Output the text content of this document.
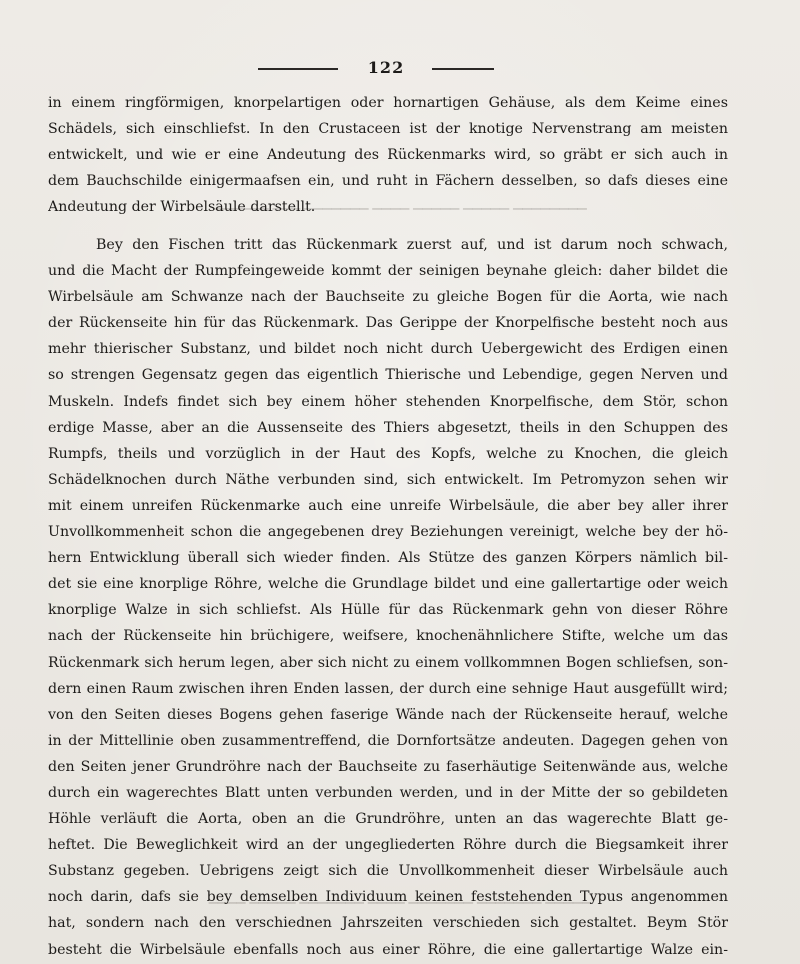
▁▁▁▁▁▁ ▁▁▁ ▁▁▁▁▁▁▁ ▁▁▁▁ ▁▁▁▁▁ ▁▁▁▁▁ ▁▁▁▁▁▁▁▁
122
in einem ringförmigen, knorpelartigen oder hornartigen Gehäuse, als dem Keime eines
Schädels, sich einschliefst. In den Crustaceen ist der knotige Nervenstrang am meisten
entwickelt, und wie er eine Andeutung des Rückenmarks wird, so gräbt er sich auch in
dem Bauchschilde einigermaafsen ein, und ruht in Fächern desselben, so dafs dieses eine
Andeutung der Wirbelsäule darstellt.
Bey den Fischen tritt das Rückenmark zuerst auf, und ist darum noch schwach,
und die Macht der Rumpfeingeweide kommt der seinigen beynahe gleich: daher bildet die
Wirbelsäule am Schwanze nach der Bauchseite zu gleiche Bogen für die Aorta, wie nach
der Rückenseite hin für das Rückenmark. Das Gerippe der Knorpelfische besteht noch aus
mehr thierischer Substanz, und bildet noch nicht durch Uebergewicht des Erdigen einen
so strengen Gegensatz gegen das eigentlich Thierische und Lebendige, gegen Nerven und
Muskeln. Indefs findet sich bey einem höher stehenden Knorpelfische, dem Stör, schon
erdige Masse, aber an die Aussenseite des Thiers abgesetzt, theils in den Schuppen des
Rumpfs, theils und vorzüglich in der Haut des Kopfs, welche zu Knochen, die gleich
Schädelknochen durch Näthe verbunden sind, sich entwickelt. Im Petromyzon sehen wir
mit einem unreifen Rückenmarke auch eine unreife Wirbelsäule, die aber bey aller ihrer
Unvollkommenheit schon die angegebenen drey Beziehungen vereinigt, welche bey der hö-
hern Entwicklung überall sich wieder finden. Als Stütze des ganzen Körpers nämlich bil-
det sie eine knorplige Röhre, welche die Grundlage bildet und eine gallertartige oder weich
knorplige Walze in sich schliefst. Als Hülle für das Rückenmark gehn von dieser Röhre
nach der Rückenseite hin brüchigere, weifsere, knochenähnlichere Stifte, welche um das
Rückenmark sich herum legen, aber sich nicht zu einem vollkommnen Bogen schliefsen, son-
dern einen Raum zwischen ihren Enden lassen, der durch eine sehnige Haut ausgefüllt wird;
von den Seiten dieses Bogens gehen faserige Wände nach der Rückenseite herauf, welche
in der Mittellinie oben zusammentreffend, die Dornfortsätze andeuten. Dagegen gehen von
den Seiten jener Grundröhre nach der Bauchseite zu faserhäutige Seitenwände aus, welche
durch ein wagerechtes Blatt unten verbunden werden, und in der Mitte der so gebildeten
Höhle verläuft die Aorta, oben an die Grundröhre, unten an das wagerechte Blatt ge-
heftet. Die Beweglichkeit wird an der ungegliederten Röhre durch die Biegsamkeit ihrer
Substanz gegeben. Uebrigens zeigt sich die Unvollkommenheit dieser Wirbelsäule auch
noch darin, dafs sie bey demselben Individuum keinen feststehenden Typus angenommen
hat, sondern nach den verschiednen Jahrszeiten verschieden sich gestaltet. Beym Stör
besteht die Wirbelsäule ebenfalls noch aus einer Röhre, die eine gallertartige Walze ein-
▁▁▁▁ ▁▁▁▁▁ ▁▁▁▁▁▁▁ ▁▁▁▁ ▁▁▁▁▁▁▁ ▁▁▁▁▁▁▁ ▁▁▁▁▁
